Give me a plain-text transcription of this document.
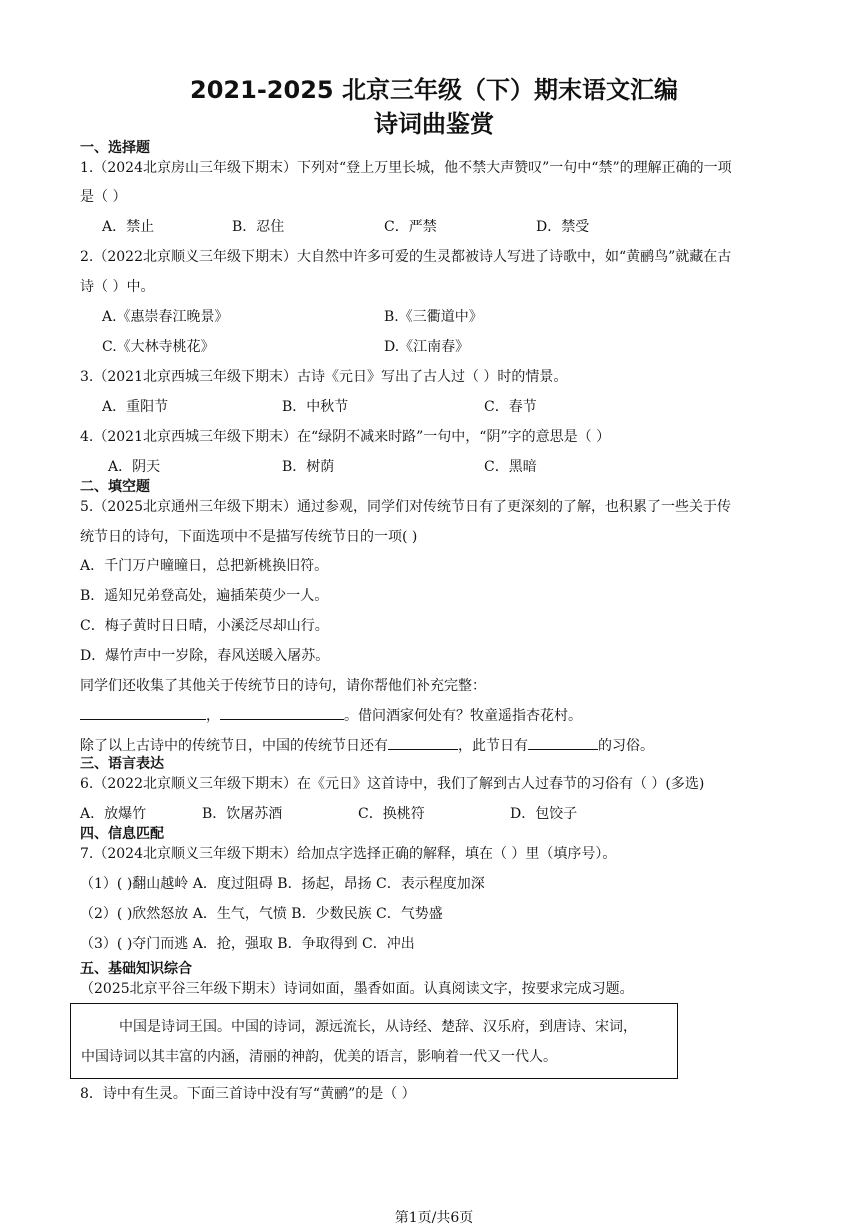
2021-2025 北京三年级（下）期末语文汇编
诗词曲鉴赏
一、选择题
1.（2024北京房山三年级下期末）下列对“登上万里长城，他不禁大声赞叹”一句中“禁”的理解正确的一项
是（ ）
A．禁止	B．忍住	C．严禁	D．禁受
2.（2022北京顺义三年级下期末）大自然中许多可爱的生灵都被诗人写进了诗歌中，如“黄鹂鸟”就藏在古
诗（ ）中。
A.《惠崇春江晚景》	B.《三衢道中》
C.《大林寺桃花》	D.《江南春》
3.（2021北京西城三年级下期末）古诗《元日》写出了古人过（ ）时的情景。
A．重阳节	B．中秋节	C．春节
4.（2021北京西城三年级下期末）在“绿阴不减来时路”一句中，“阴”字的意思是（ ）
A．阴天	B．树荫	C．黑暗
二、填空题
5.（2025北京通州三年级下期末）通过参观，同学们对传统节日有了更深刻的了解，也积累了一些关于传
统节日的诗句，下面选项中不是描写传统节日的一项( )
A．千门万户曈曈日，总把新桃换旧符。
B．遥知兄弟登高处，遍插茱萸少一人。
C．梅子黄时日日晴，小溪泛尽却山行。
D．爆竹声中一岁除，春风送暖入屠苏。
同学们还收集了其他关于传统节日的诗句，请你帮他们补充完整：
，	。借问酒家何处有？牧童遥指杏花村。
除了以上古诗中的传统节日，中国的传统节日还有	，此节日有	的习俗。
三、语言表达
6.（2022北京顺义三年级下期末）在《元日》这首诗中，我们了解到古人过春节的习俗有（ ）(多选)
A．放爆竹	B．饮屠苏酒	C．换桃符	D．包饺子
四、信息匹配
7.（2024北京顺义三年级下期末）给加点字选择正确的解释，填在（ ）里（填序号）。
（1）( )翻山越岭 A．度过阻碍 B．扬起，昂扬 C．表示程度加深
（2）( )欣然怒放 A．生气，气愤 B．少数民族 C．气势盛
（3）( )夺门而逃 A．抢，强取 B．争取得到 C．冲出
五、基础知识综合
（2025北京平谷三年级下期末）诗词如面，墨香如面。认真阅读文字，按要求完成习题。
中国是诗词王国。中国的诗词，源远流长，从诗经、楚辞、汉乐府，到唐诗、宋词，
中国诗词以其丰富的内涵，清丽的神韵，优美的语言，影响着一代又一代人。
8．诗中有生灵。下面三首诗中没有写“黄鹂”的是（ ）
第1页/共6页
